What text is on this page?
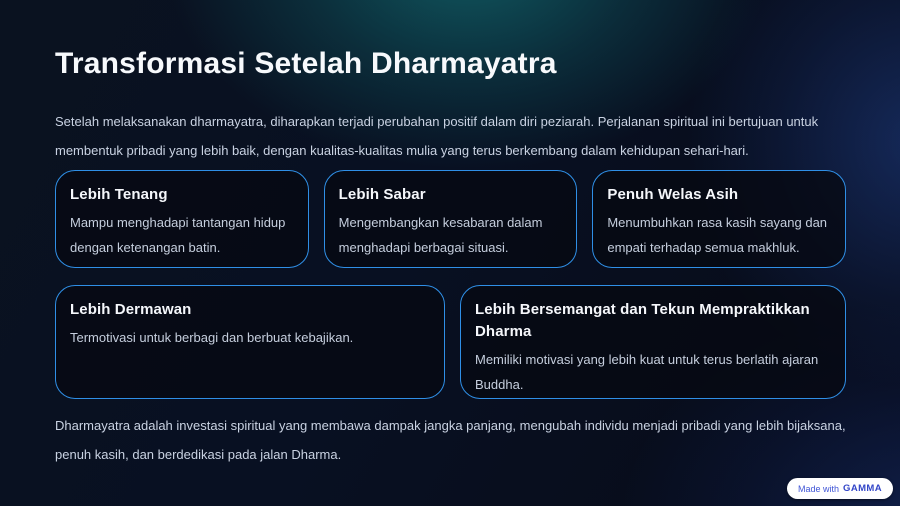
Transformasi Setelah Dharmayatra

Setelah melaksanakan dharmayatra, diharapkan terjadi perubahan positif dalam diri peziarah. Perjalanan spiritual ini bertujuan untuk membentuk pribadi yang lebih baik, dengan kualitas-kualitas mulia yang terus berkembang dalam kehidupan sehari-hari.

Lebih Tenang
Mampu menghadapi tantangan hidup dengan ketenangan batin.
Lebih Sabar
Mengembangkan kesabaran dalam menghadapi berbagai situasi.
Penuh Welas Asih
Menumbuhkan rasa kasih sayang dan empati terhadap semua makhluk.
Lebih Dermawan
Termotivasi untuk berbagi dan berbuat kebajikan.
Lebih Bersemangat dan Tekun Mempraktikkan Dharma
Memiliki motivasi yang lebih kuat untuk terus berlatih ajaran Buddha.

Dharmayatra adalah investasi spiritual yang membawa dampak jangka panjang, mengubah individu menjadi pribadi yang lebih bijaksana, penuh kasih, dan berdedikasi pada jalan Dharma.

Made with GAMMA
